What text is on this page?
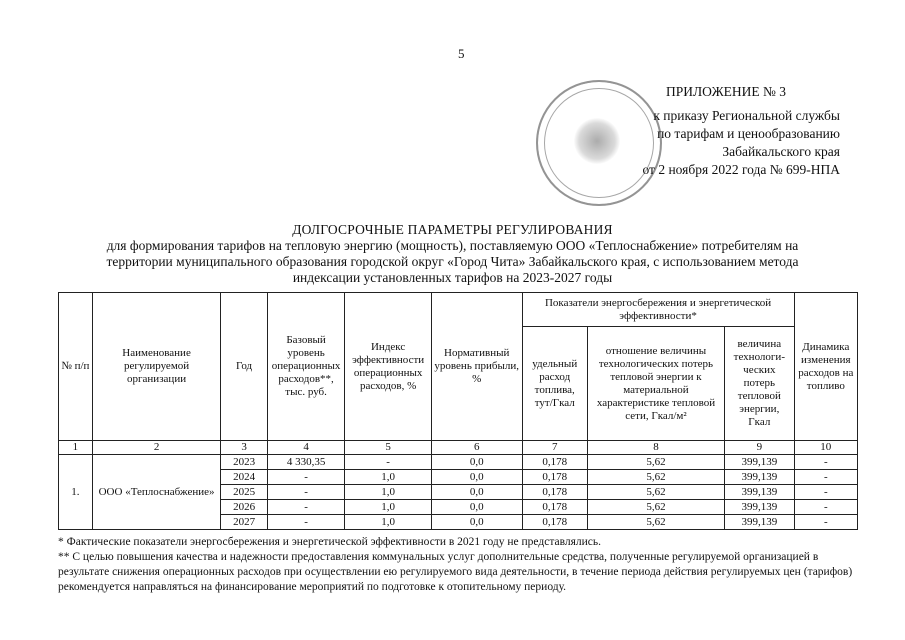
5
ПРИЛОЖЕНИЕ № 3
к приказу Региональной службы
по тарифам и ценообразованию
Забайкальского края
от 2 ноября 2022 года № 699-НПА
ДОЛГОСРОЧНЫЕ ПАРАМЕТРЫ РЕГУЛИРОВАНИЯ
для формирования тарифов на тепловую энергию (мощность), поставляемую ООО «Теплоснабжение» потребителям на
территории муниципального образования городской округ «Город Чита» Забайкальского края, с использованием метода
индексации установленных тарифов на 2023-2027 годы
№ п/п	Наименование регулируемой организации	Год	Базовый уровень операционных расходов**, тыс. руб.	Индекс эффективности операционных расходов, %	Нормативный уровень прибыли, %	Показатели энергосбережения и энергетической эффективности*			Динамика изменения расходов на топливо
						удельный расход топлива, тут/Гкал	отношение величины технологических потерь тепловой энергии к материальной характеристике тепловой сети, Гкал/м²	величина технологи-ческих потерь тепловой энергии, Гкал	
1	2	3	4	5	6	7	8	9	10
1.	ООО «Теплоснабжение»	2023	4 330,35	-	0,0	0,178	5,62	399,139	-
		2024	-	1,0	0,0	0,178	5,62	399,139	-
		2025	-	1,0	0,0	0,178	5,62	399,139	-
		2026	-	1,0	0,0	0,178	5,62	399,139	-
		2027	-	1,0	0,0	0,178	5,62	399,139	-

* Фактические показатели энергосбережения и энергетической эффективности в 2021 году не представлялись.

** С целью повышения качества и надежности предоставления коммунальных услуг дополнительные средства, полученные регулируемой организацией в результате снижения операционных расходов при осуществлении ею регулируемого вида деятельности, в течение периода действия регулируемых цен (тарифов) рекомендуется направляться на финансирование мероприятий по подготовке к отопительному периоду.
